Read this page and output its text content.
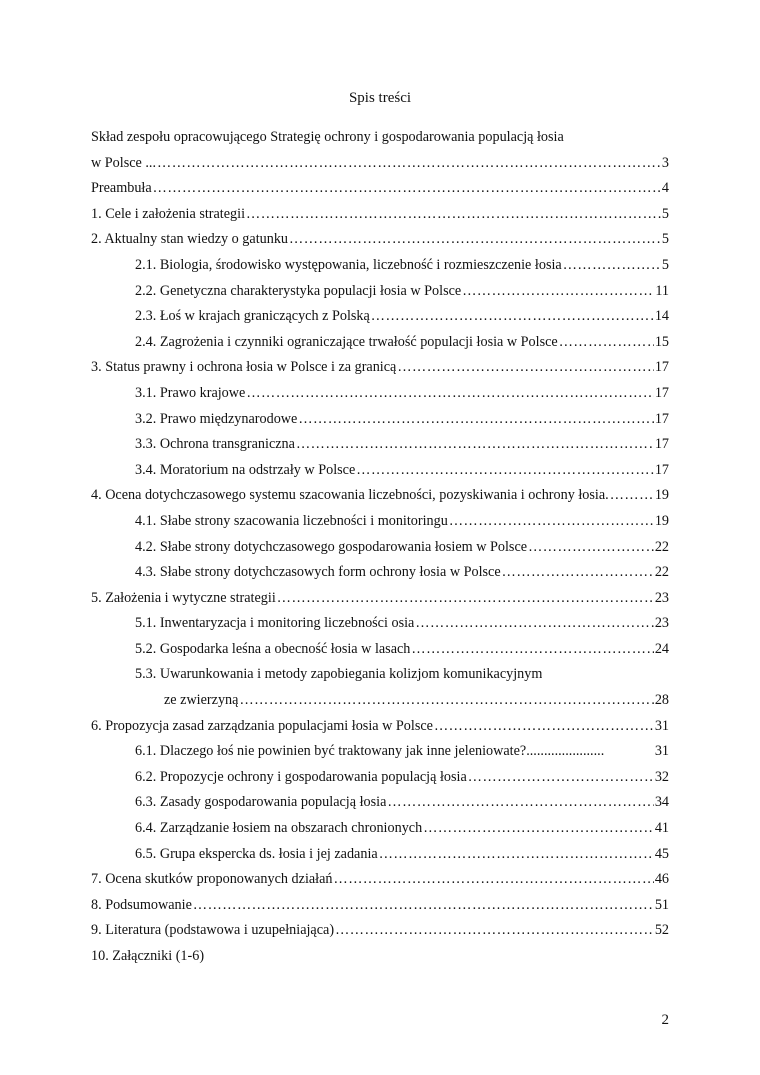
Spis treści
Skład zespołu opracowującego Strategię ochrony i gospodarowania populacją łosia
w Polsce ... ………………………………………………………………………………………………………………………………	3
Preambuła ………………………………………………………………………………………………………………………………	4
1. Cele i założenia strategii ………………………………………………………………………………………………………………………………	5
2. Aktualny stan wiedzy o gatunku ………………………………………………………………………………………………………………………………	5
2.1. Biologia, środowisko występowania, liczebność i rozmieszczenie łosia ………………………………………………………………………………………………………………………………	5
2.2. Genetyczna charakterystyka populacji łosia w Polsce ………………………………………………………………………………………………………………………………	11
2.3. Łoś w krajach graniczących z Polską ………………………………………………………………………………………………………………………………	14
2.4. Zagrożenia i czynniki ograniczające trwałość populacji łosia w Polsce ………………………………………………………………………………………………………………………………	15
3. Status prawny i ochrona łosia w Polsce i za granicą ………………………………………………………………………………………………………………………………	17
3.1. Prawo krajowe ………………………………………………………………………………………………………………………………	17
3.2. Prawo międzynarodowe ………………………………………………………………………………………………………………………………	17
3.3. Ochrona transgraniczna ………………………………………………………………………………………………………………………………	17
3.4. Moratorium na odstrzały w Polsce ………………………………………………………………………………………………………………………………	17
4. Ocena dotychczasowego systemu szacowania liczebności, pozyskiwania i ochrony łosia. ………………………………………………………………………………………………………………………………	19
4.1. Słabe strony szacowania liczebności i monitoringu ………………………………………………………………………………………………………………………………	19
4.2. Słabe strony dotychczasowego gospodarowania łosiem w Polsce ………………………………………………………………………………………………………………………………	22
4.3. Słabe strony dotychczasowych form ochrony łosia w Polsce ………………………………………………………………………………………………………………………………	22
5. Założenia i wytyczne strategii ………………………………………………………………………………………………………………………………	23
5.1. Inwentaryzacja i monitoring liczebności osia ………………………………………………………………………………………………………………………………	23
5.2. Gospodarka leśna a obecność łosia w lasach ………………………………………………………………………………………………………………………………	24
5.3. Uwarunkowania i metody zapobiegania kolizjom komunikacyjnym
ze zwierzyną ………………………………………………………………………………………………………………………………	28
6. Propozycja zasad zarządzania populacjami łosia w Polsce ………………………………………………………………………………………………………………………………	31
6.1. Dlaczego łoś nie powinien być traktowany jak inne jeleniowate?......................	31
6.2. Propozycje ochrony i gospodarowania populacją łosia ………………………………………………………………………………………………………………………………	32
6.3. Zasady gospodarowania populacją łosia ………………………………………………………………………………………………………………………………	34
6.4. Zarządzanie łosiem na obszarach chronionych ………………………………………………………………………………………………………………………………	41
6.5. Grupa ekspercka ds. łosia i jej zadania ………………………………………………………………………………………………………………………………	45
7. Ocena skutków proponowanych działań ………………………………………………………………………………………………………………………………	46
8. Podsumowanie ………………………………………………………………………………………………………………………………	51
9. Literatura (podstawowa i uzupełniająca) ………………………………………………………………………………………………………………………………	52
10. Załączniki (1-6)
2
